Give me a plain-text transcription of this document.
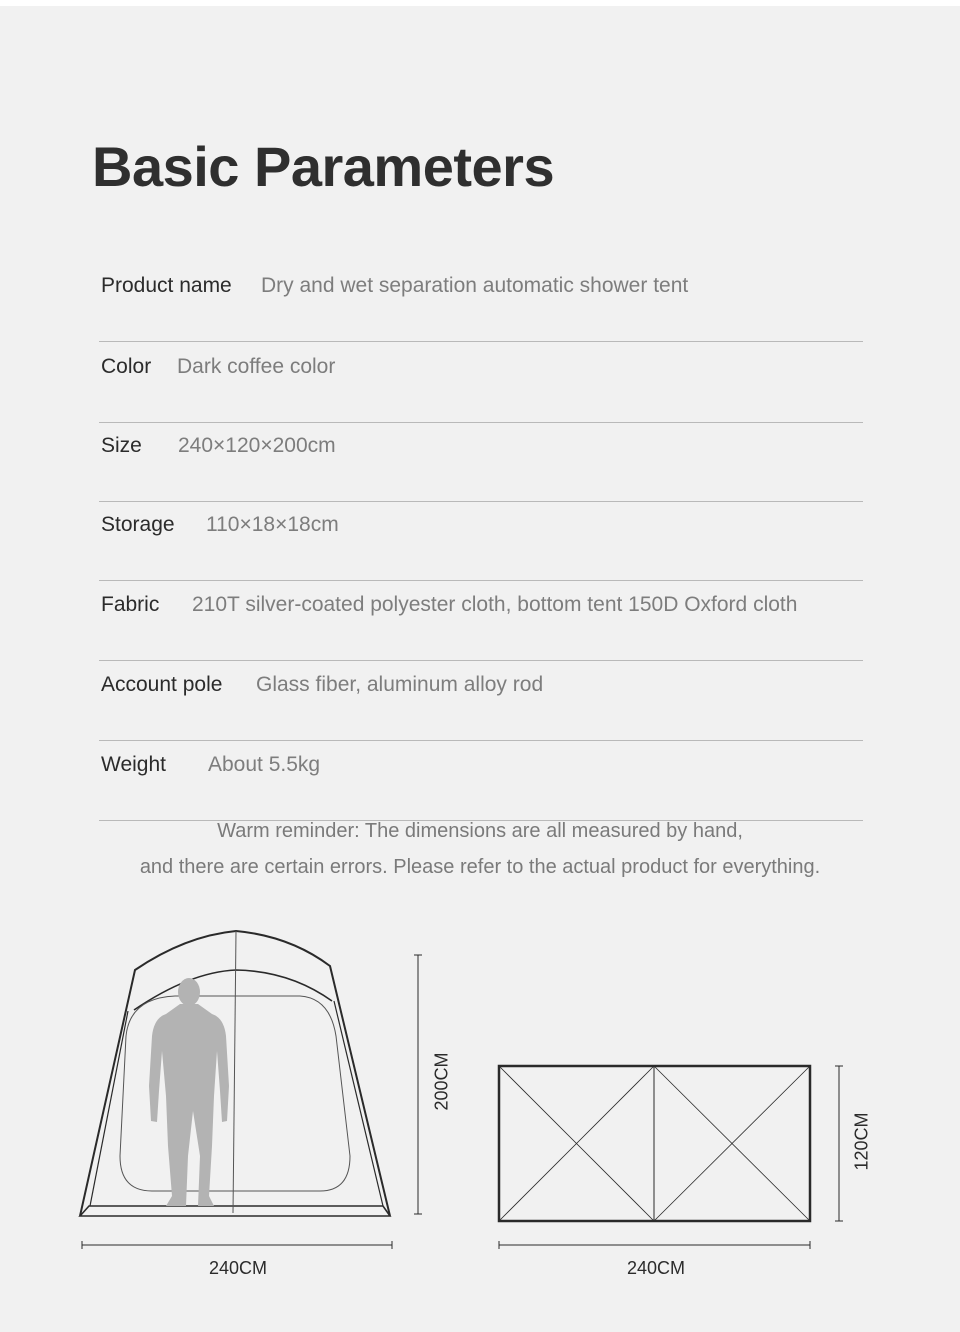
Basic Parameters
Product name Dry and wet separation automatic shower tent
Color Dark coffee color
Size 240×120×200cm
Storage 110×18×18cm
Fabric 210T silver-coated polyester cloth, bottom tent 150D Oxford cloth
Account pole Glass fiber, aluminum alloy rod
Weight About 5.5kg
Warm reminder: The dimensions are all measured by hand,
and there are certain errors. Please refer to the actual product for everything.
200CM
240CM
120CM
240CM
